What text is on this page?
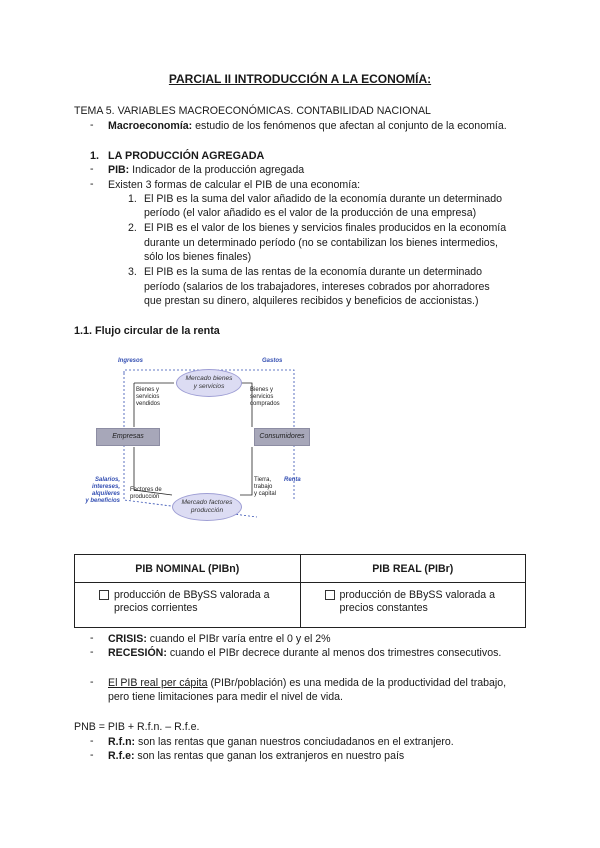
PARCIAL II INTRODUCCIÓN A LA ECONOMÍA:
TEMA 5. VARIABLES MACROECONÓMICAS. CONTABILIDAD NACIONAL
- Macroeconomía: estudio de los fenómenos que afectan al conjunto de la economía.
1. LA PRODUCCIÓN AGREGADA
- PIB: Indicador de la producción agregada
- Existen 3 formas de calcular el PIB de una economía:
1. El PIB es la suma del valor añadido de la economía durante un determinado
período (el valor añadido es el valor de la producción de una empresa)
2. El PIB es el valor de los bienes y servicios finales producidos en la economía
durante un determinado período (no se contabilizan los bienes intermedios,
sólo los bienes finales)
3. El PIB es la suma de las rentas de la economía durante un determinado
período (salarios de los trabajadores, intereses cobrados por ahorradores
que prestan su dinero, alquileres recibidos y beneficios de accionistas.)
1.1. Flujo circular de la renta
Ingresos	Gastos
Mercado bienes
y servicios
Bienes y
servicios
vendidos
Bienes y
servicios
comprados
Empresas	Consumidores
Salarios,
intereses,
alquileres
y beneficios
Factores de
producción
Mercado factores
producción
Tierra,
trabajo
y capital
Renta
PIB NOMINAL (PIBn)	PIB REAL (PIBr)

producción de BBySS valorada a
precios corrientes	producción de BBySS valorada a
precios constantes
- CRISIS: cuando el PIBr varía entre el 0 y el 2%
- RECESIÓN: cuando el PIBr decrece durante al menos dos trimestres consecutivos.
- El PIB real per cápita (PIBr/población) es una medida de la productividad del trabajo,
pero tiene limitaciones para medir el nivel de vida.
PNB = PIB + R.f.n. – R.f.e.
- R.f.n: son las rentas que ganan nuestros conciudadanos en el extranjero.
- R.f.e: son las rentas que ganan los extranjeros en nuestro país
